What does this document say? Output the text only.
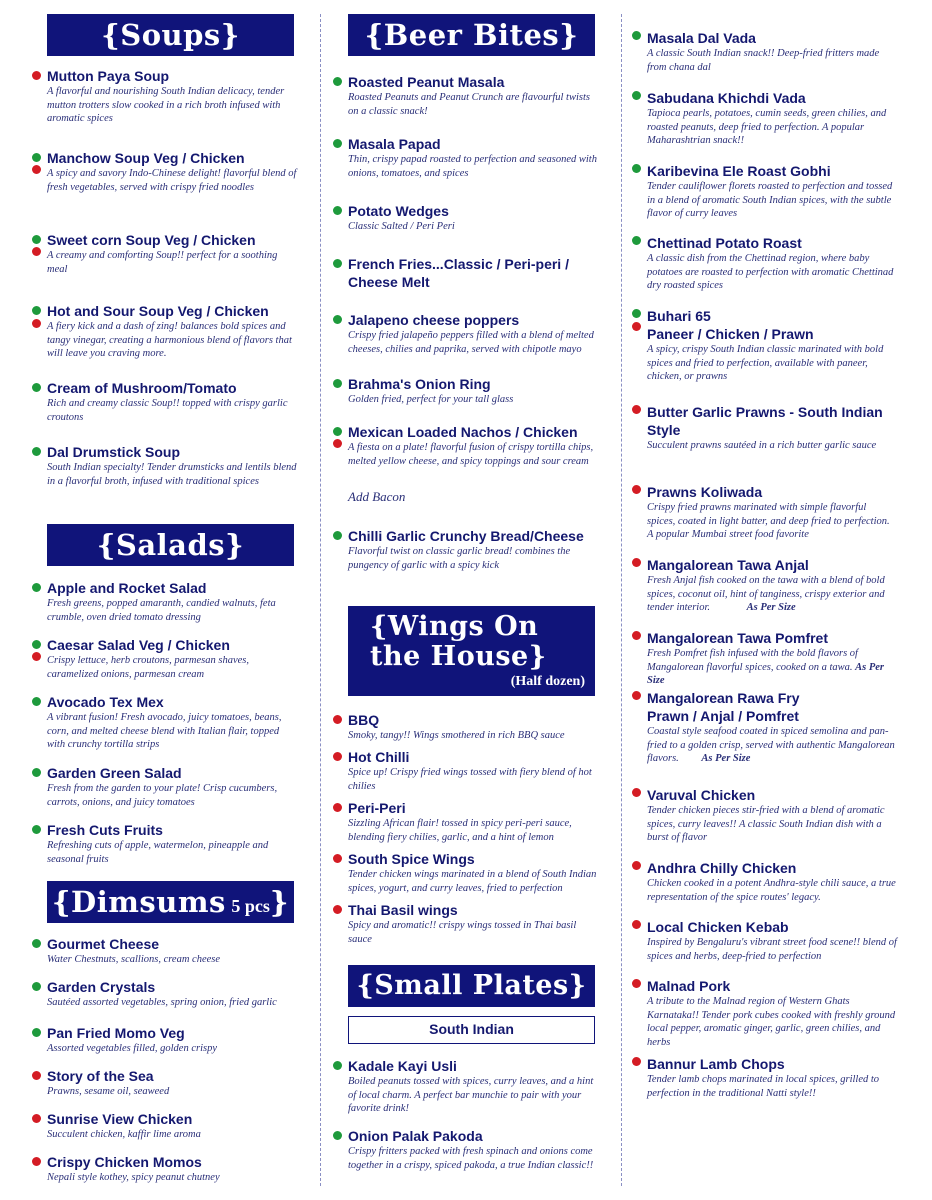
{Soups}
Mutton Paya Soup
A flavorful and nourishing South Indian delicacy, tender mutton trotters slow cooked in a rich broth infused with aromatic spices
Manchow Soup Veg / Chicken
A spicy and savory Indo-Chinese delight! flavorful blend of fresh vegetables, served with crispy fried noodles
Sweet corn Soup Veg / Chicken
A creamy and comforting Soup!! perfect for a soothing meal
Hot and Sour Soup Veg / Chicken
A fiery kick and a dash of zing! balances bold spices and tangy vinegar, creating a harmonious blend of flavors that will leave you craving more.
Cream of Mushroom/Tomato
Rich and creamy classic Soup!! topped with crispy garlic croutons
Dal Drumstick Soup
South Indian specialty! Tender drumsticks and lentils blend in a flavorful broth, infused with traditional spices
{Salads}
Apple and Rocket Salad
Fresh greens, popped amaranth, candied walnuts, feta crumble, oven dried tomato dressing
Caesar Salad Veg / Chicken
Crispy lettuce, herb croutons, parmesan shaves, caramelized onions, parmesan cream
Avocado Tex Mex
A vibrant fusion! Fresh avocado, juicy tomatoes, beans, corn, and melted cheese blend with Italian flair, topped with crunchy tortilla strips
Garden Green Salad
Fresh from the garden to your plate! Crisp cucumbers, carrots, onions, and juicy tomatoes
Fresh Cuts Fruits
Refreshing cuts of apple, watermelon, pineapple and seasonal fruits
{Dimsums 5 pcs}
Gourmet Cheese
Water Chestnuts, scallions, cream cheese
Garden Crystals
Sautéed assorted vegetables, spring onion, fried garlic
Pan Fried Momo Veg
Assorted vegetables filled, golden crispy
Story of the Sea
Prawns, sesame oil, seaweed
Sunrise View Chicken
Succulent chicken, kaffir lime aroma
Crispy Chicken Momos
Nepali style kothey, spicy peanut chutney
{Beer Bites}
Roasted Peanut Masala
Roasted Peanuts and Peanut Crunch are flavourful twists on a classic snack!
Masala Papad
Thin, crispy papad roasted to perfection and seasoned with onions, tomatoes, and spices
Potato Wedges
Classic Salted / Peri Peri
French Fries...Classic / Peri-peri / Cheese Melt
Jalapeno cheese poppers
Crispy fried jalapeño peppers filled with a blend of melted cheeses, chilies and paprika, served with chipotle mayo
Brahma's Onion Ring
Golden fried, perfect for your tall glass
Mexican Loaded Nachos / Chicken
A fiesta on a plate! flavorful fusion of crispy tortilla chips, melted yellow cheese, and spicy toppings and sour cream
Add Bacon
Chilli Garlic Crunchy Bread/Cheese
Flavorful twist on classic garlic bread! combines the pungency of garlic with a spicy kick
{Wings On the House}
(Half dozen)
BBQ
Smoky, tangy!! Wings smothered in rich BBQ sauce
Hot Chilli
Spice up! Crispy fried wings tossed with fiery blend of hot chilies
Peri-Peri
Sizzling African flair! tossed in spicy peri-peri sauce, blending fiery chilies, garlic, and a hint of lemon
South Spice Wings
Tender chicken wings marinated in a blend of South Indian spices, yogurt, and curry leaves, fried to perfection
Thai Basil wings
Spicy and aromatic!! crispy wings tossed in Thai basil sauce
{Small Plates}
South Indian
Kadale Kayi Usli
Boiled peanuts tossed with spices, curry leaves, and a hint of local charm. A perfect bar munchie to pair with your favorite drink!
Onion Palak Pakoda
Crispy fritters packed with fresh spinach and onions come together in a crispy, spiced pakoda, a true Indian classic!!
Masala Dal Vada
A classic South Indian snack!! Deep-fried fritters made from chana dal
Sabudana Khichdi Vada
Tapioca pearls, potatoes, cumin seeds, green chilies, and roasted peanuts, deep fried to perfection. A popular Maharashtrian snack!!
Karibevina Ele Roast Gobhi
Tender cauliflower florets roasted to perfection and tossed in a blend of aromatic South Indian spices, with the subtle flavor of curry leaves
Chettinad Potato Roast
A classic dish from the Chettinad region, where baby potatoes are roasted to perfection with aromatic Chettinad dry roasted spices
Buhari 65
Paneer / Chicken / Prawn
A spicy, crispy South Indian classic marinated with bold spices and fried to perfection, available with paneer, chicken, or prawns
Butter Garlic Prawns - South Indian Style
Succulent prawns sautéed in a rich butter garlic sauce
Prawns Koliwada
Crispy fried prawns marinated with simple flavorful spices, coated in light batter, and deep fried to perfection. A popular Mumbai street food favorite
Mangalorean Tawa Anjal
Fresh Anjal fish cooked on the tawa with a blend of bold spices, coconut oil, hint of tanginess, crispy exterior and tender interior.	As Per Size
Mangalorean Tawa Pomfret
Fresh Pomfret fish infused with the bold flavors of Mangalorean flavorful spices, cooked on a tawa. As Per Size
Mangalorean Rawa Fry
Prawn / Anjal / Pomfret
Coastal style seafood coated in spiced semolina and pan-fried to a golden crisp, served with authentic Mangalorean flavors. As Per Size
Varuval Chicken
Tender chicken pieces stir-fried with a blend of aromatic spices, curry leaves!! A classic South Indian dish with a burst of flavor
Andhra Chilly Chicken
Chicken cooked in a potent Andhra-style chili sauce, a true representation of the spice routes' legacy.
Local Chicken Kebab
Inspired by Bengaluru's vibrant street food scene!! blend of spices and herbs, deep-fried to perfection
Malnad Pork
A tribute to the Malnad region of Western Ghats Karnataka!! Tender pork cubes cooked with freshly ground local pepper, aromatic ginger, garlic, green chilies, and herbs
Bannur Lamb Chops
Tender lamb chops marinated in local spices, grilled to perfection in the traditional Natti style!!
